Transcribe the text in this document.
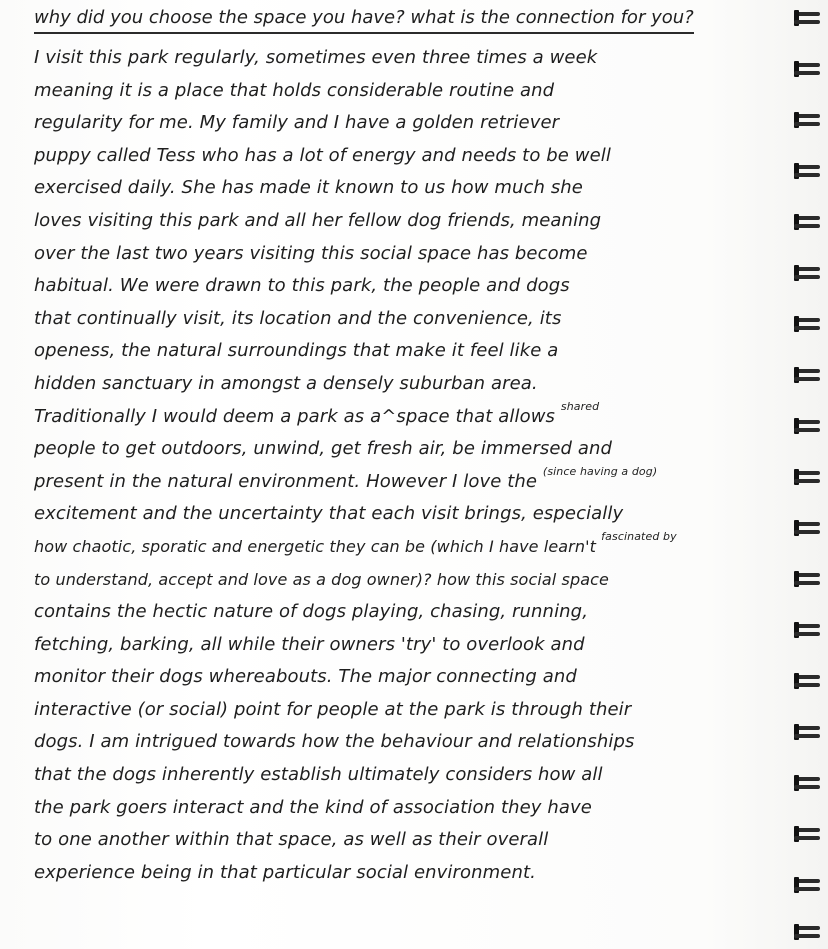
why did you choose the space you have? what is the connection for you?
I visit this park regularly, sometimes even three times a week
meaning it is a place that holds considerable routine and
regularity for me. My family and I have a golden retriever
puppy called Tess who has a lot of energy and needs to be well
exercised daily. She has made it known to us how much she
loves visiting this park and all her fellow dog friends, meaning
over the last two years visiting this social space has become
habitual. We were drawn to this park, the people and dogs
that continually visit, its location and the convenience, its
openess, the natural surroundings that make it feel like a
hidden sanctuary in amongst a densely suburban area.
Traditionally I would deem a park as a^space that allows $^{shared}$
people to get outdoors, unwind, get fresh air, be immersed and
present in the natural environment. However I love the $^{(since having a dog)}$
excitement and the uncertainty that each visit brings, especially
how chaotic, sporatic and energetic they can be (which I have learn't $^{fascinated by}$
to understand, accept and love as a dog owner)? how this social space
contains the hectic nature of dogs playing, chasing, running,
fetching, barking, all while their owners 'try' to overlook and
monitor their dogs whereabouts. The major connecting and
interactive (or social) point for people at the park is through their
dogs. I am intrigued towards how the behaviour and relationships
that the dogs inherently establish ultimately considers how all
the park goers interact and the kind of association they have
to one another within that space, as well as their overall
experience being in that particular social environment.
